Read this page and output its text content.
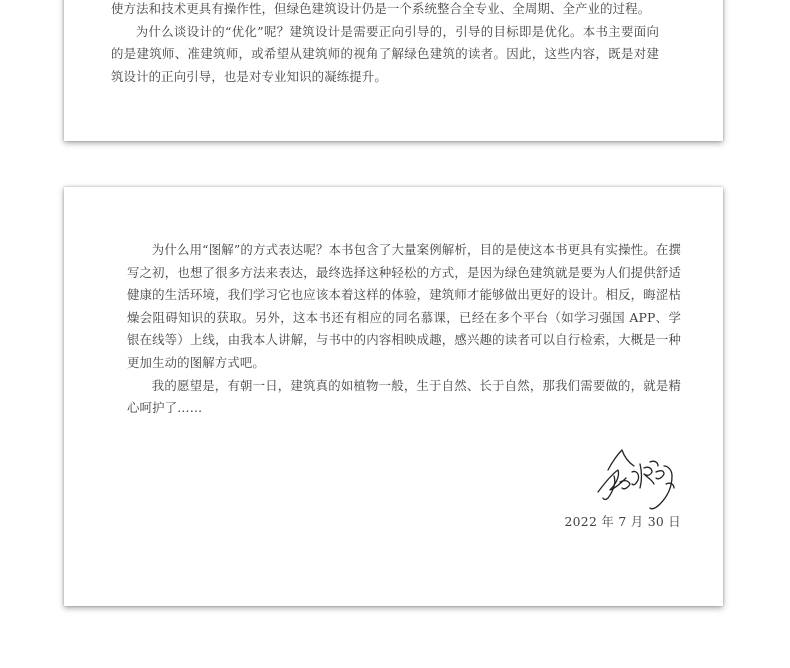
使方法和技术更具有操作性，但绿色建筑设计仍是一个系统整合全专业、全周期、全产业的过程。

为什么谈设计的“优化”呢？建筑设计是需要正向引导的，引导的目标即是优化。本书主要面向的是建筑师、准建筑师，或希望从建筑师的视角了解绿色建筑的读者。因此，这些内容，既是对建筑设计的正向引导，也是对专业知识的凝练提升。

为什么用“图解”的方式表达呢？本书包含了大量案例解析，目的是使这本书更具有实操性。在撰写之初，也想了很多方法来表达，最终选择这种轻松的方式，是因为绿色建筑就是要为人们提供舒适健康的生活环境，我们学习它也应该本着这样的体验，建筑师才能够做出更好的设计。相反，晦涩枯燥会阻碍知识的获取。另外，这本书还有相应的同名慕课，已经在多个平台（如学习强国 APP、学银在线等）上线，由我本人讲解，与书中的内容相映成趣，感兴趣的读者可以自行检索，大概是一种更加生动的图解方式吧。

我的愿望是，有朝一日，建筑真的如植物一般，生于自然、长于自然，那我们需要做的，就是精心呵护了……

2022 年 7 月 30 日
